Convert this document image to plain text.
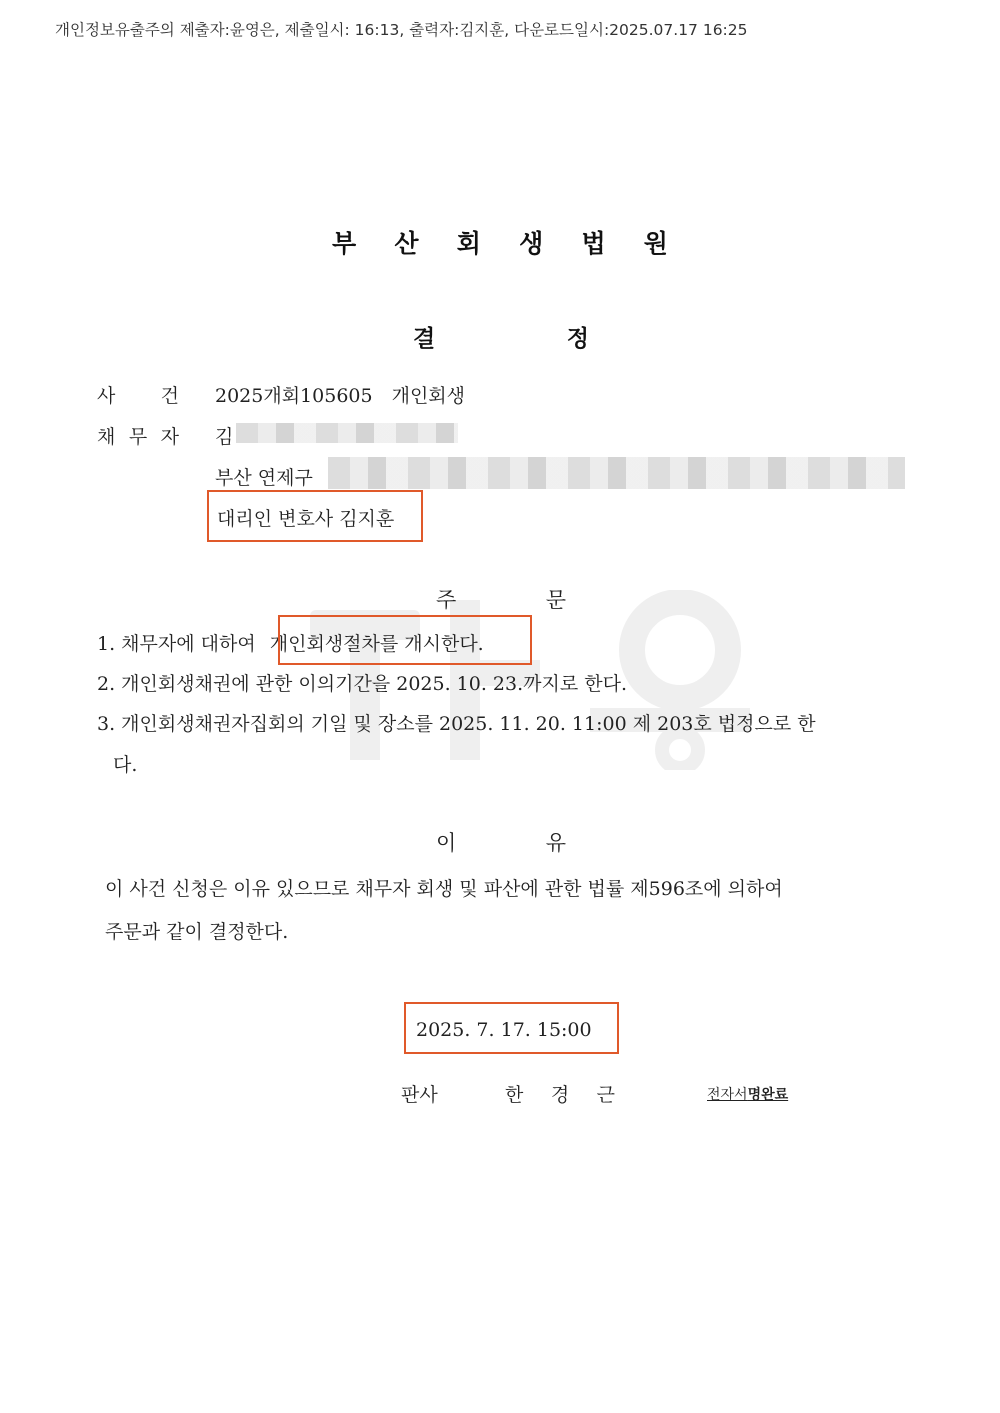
개인정보유출주의 제출자:윤영은, 제출일시: 16:13, 출력자:김지훈, 다운로드일시:2025.07.17 16:25
부 산 회 생 법 원
결	정
사 건 2025개회105605　개인회생
채 무 자 김
부산 연제구
대리인 변호사 김지훈
주	문
1. 채무자에 대하여 개인회생절차를 개시한다.
2. 개인회생채권에 관한 이의기간을 2025. 10. 23.까지로 한다.
3. 개인회생채권자집회의 기일 및 장소를 2025. 11. 20. 11:00 제 203호 법정으로 한
다.
이	유
이 사건 신청은 이유 있으므로 채무자 회생 및 파산에 관한 법률 제596조에 의하여
주문과 같이 결정한다.
2025. 7. 17. 15:00
판사	한 경 근	전자서명완료
